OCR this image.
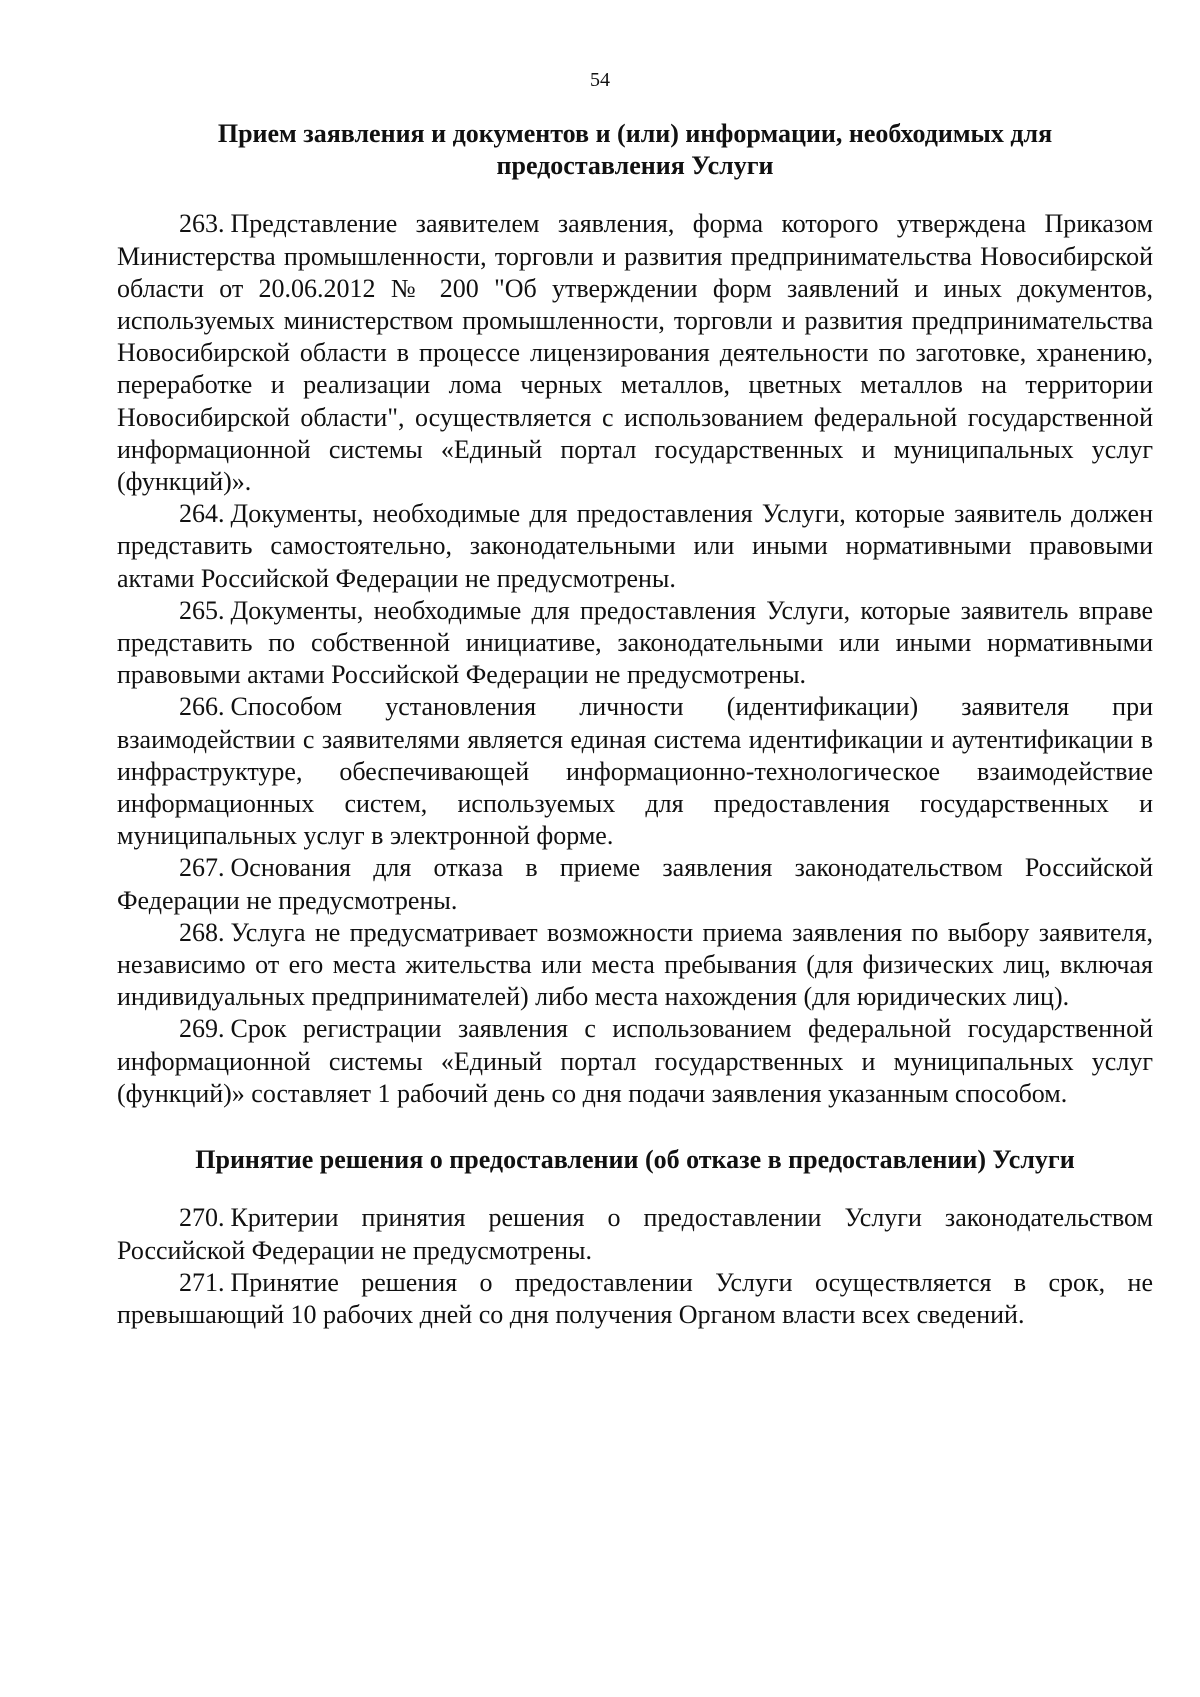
54
Прием заявления и документов и (или) информации, необходимых для
предоставления Услуги

263. Представление заявителем заявления, форма которого утверждена Приказом Министерства промышленности, торговли и развития предпринимательства Новосибирской области от 20.06.2012 № 200 "Об утверждении форм заявлений и иных документов, используемых министерством промышленности, торговли и развития предпринимательства Новосибирской области в процессе лицензирования деятельности по заготовке, хранению, переработке и реализации лома черных металлов, цветных металлов на территории Новосибирской области", осуществляется с использованием федеральной государственной информационной системы «Единый портал государственных и муниципальных услуг (функций)».

264. Документы, необходимые для предоставления Услуги, которые заявитель должен представить самостоятельно, законодательными или иными нормативными правовыми актами Российской Федерации не предусмотрены.

265. Документы, необходимые для предоставления Услуги, которые заявитель вправе представить по собственной инициативе, законодательными или иными нормативными правовыми актами Российской Федерации не предусмотрены.

266. Способом установления личности (идентификации) заявителя при взаимодействии с заявителями является единая система идентификации и аутентификации в инфраструктуре, обеспечивающей информационно-технологическое взаимодействие информационных систем, используемых для предоставления государственных и муниципальных услуг в электронной форме.

267. Основания для отказа в приеме заявления законодательством Российской Федерации не предусмотрены.

268. Услуга не предусматривает возможности приема заявления по выбору заявителя, независимо от его места жительства или места пребывания (для физических лиц, включая индивидуальных предпринимателей) либо места нахождения (для юридических лиц).

269. Срок регистрации заявления с использованием федеральной государственной информационной системы «Единый портал государственных и муниципальных услуг (функций)» составляет 1 рабочий день со дня подачи заявления указанным способом.

Принятие решения о предоставлении (об отказе в предоставлении) Услуги

270. Критерии принятия решения о предоставлении Услуги законодательством Российской Федерации не предусмотрены.

271. Принятие решения о предоставлении Услуги осуществляется в срок, не превышающий 10 рабочих дней со дня получения Органом власти всех сведений.
